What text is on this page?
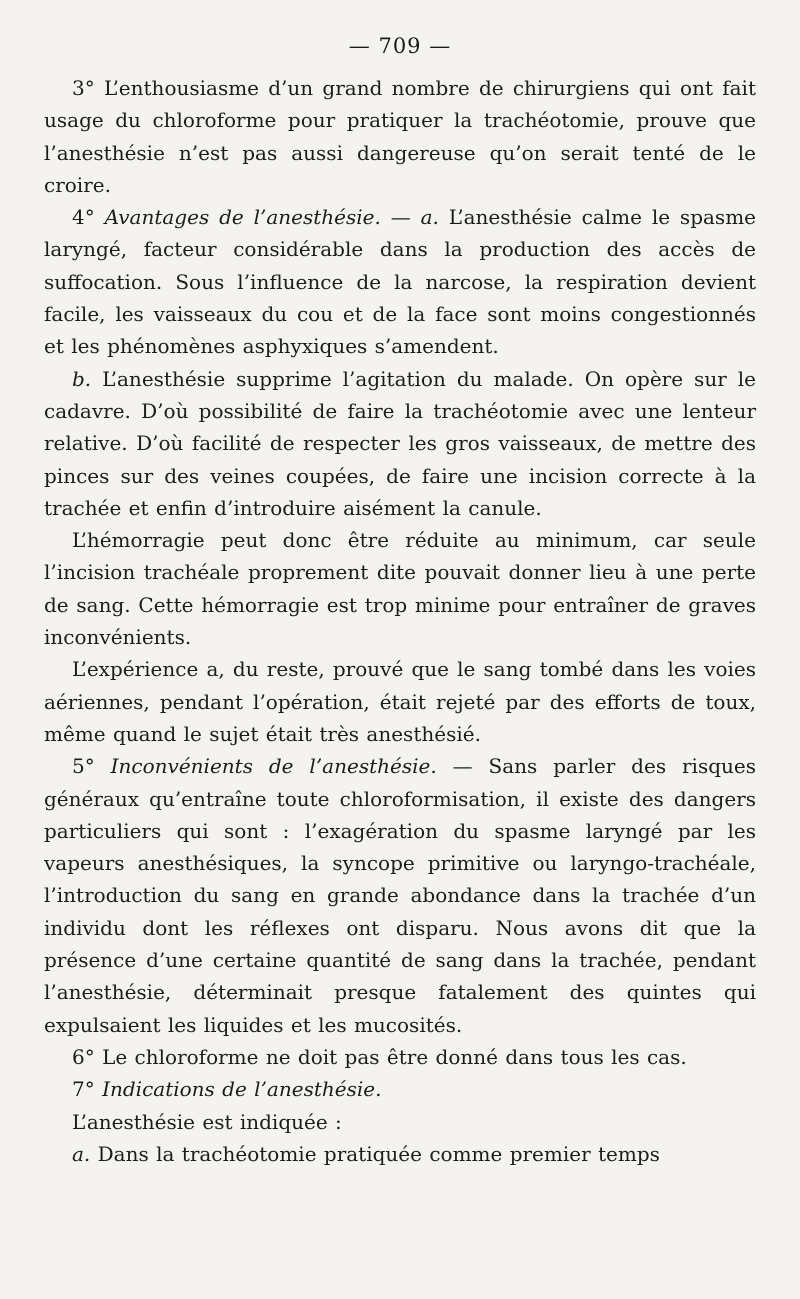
— 709 —

3° L’enthousiasme d’un grand nombre de chirurgiens qui ont fait usage du chloroforme pour pratiquer la trachéotomie, prouve que l’anesthésie n’est pas aussi dangereuse qu’on serait tenté de le croire.

4° Avantages de l’anesthésie. — a. L’anesthésie calme le spasme laryngé, facteur considérable dans la production des accès de suffocation. Sous l’influence de la narcose, la respiration devient facile, les vaisseaux du cou et de la face sont moins congestionnés et les phénomènes asphyxiques s’amendent.

b. L’anesthésie supprime l’agitation du malade. On opère sur le cadavre. D’où possibilité de faire la trachéotomie avec une lenteur relative. D’où facilité de respecter les gros vaisseaux, de mettre des pinces sur des veines coupées, de faire une incision correcte à la trachée et enfin d’introduire aisément la canule.

L’hémorragie peut donc être réduite au minimum, car seule l’incision trachéale proprement dite pouvait donner lieu à une perte de sang. Cette hémorragie est trop minime pour entraîner de graves inconvénients.

L’expérience a, du reste, prouvé que le sang tombé dans les voies aériennes, pendant l’opération, était rejeté par des efforts de toux, même quand le sujet était très anesthésié.

5° Inconvénients de l’anesthésie. — Sans parler des risques généraux qu’entraîne toute chloroformisation, il existe des dangers particuliers qui sont : l’exagération du spasme laryngé par les vapeurs anesthésiques, la syncope primitive ou laryngo-trachéale, l’introduction du sang en grande abondance dans la trachée d’un individu dont les réflexes ont disparu. Nous avons dit que la présence d’une certaine quantité de sang dans la trachée, pendant l’anesthésie, déterminait presque fatalement des quintes qui expulsaient les liquides et les mucosités.

6° Le chloroforme ne doit pas être donné dans tous les cas.

7° Indications de l’anesthésie.

L’anesthésie est indiquée :

a. Dans la trachéotomie pratiquée comme premier temps
